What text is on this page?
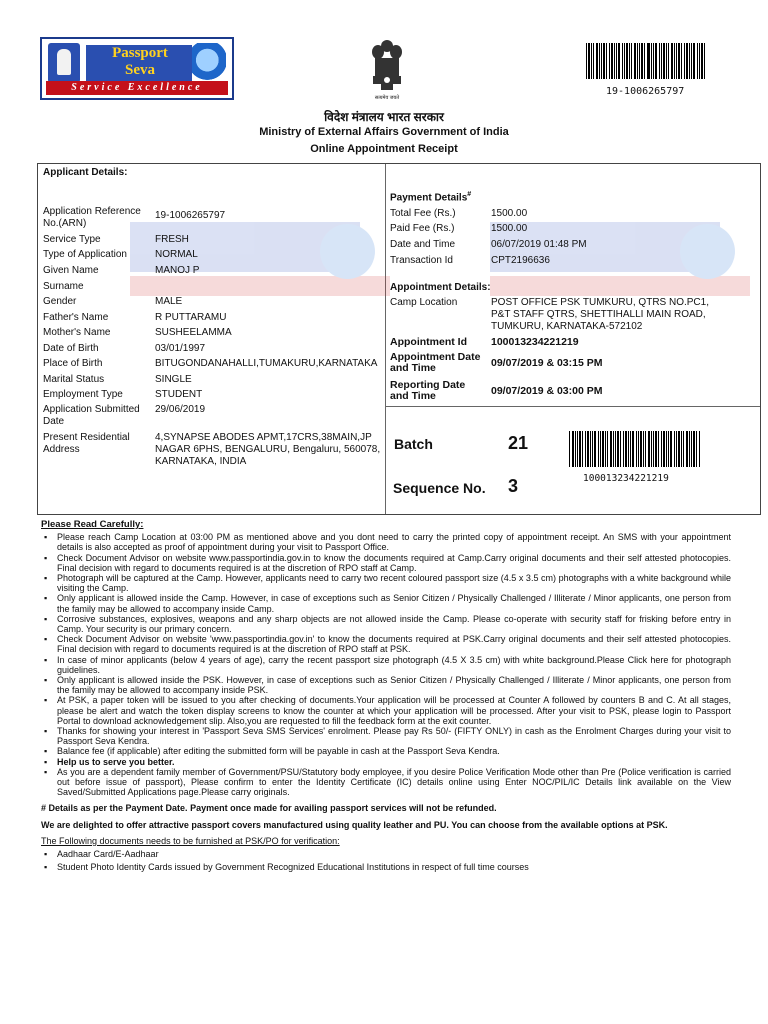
Passport
Seva
Service Excellence
सत्यमेव जयते
19-1006265797
विदेश मंत्रालय भारत सरकार
Ministry of External Affairs Government of India
Online Appointment Receipt
Applicant Details:
Application Reference No.(ARN)
19-1006265797
Service Type	FRESH
Type of Application	NORMAL
Given Name	MANOJ P
Surname
Gender	MALE
Father's Name	R PUTTARAMU
Mother's Name	SUSHEELAMMA
Date of Birth	03/01/1997
Place of Birth	BITUGONDANAHALLI,TUMAKURU,KARNATAKA
Marital Status	SINGLE
Employment Type	STUDENT
Application Submitted Date
29/06/2019
Present Residential Address
4,SYNAPSE ABODES APMT,17CRS,38MAIN,JP NAGAR 6PHS, BENGALURU, Bengaluru, 560078, KARNATAKA, INDIA
Payment Details#
Total Fee (Rs.)	1500.00
Paid Fee (Rs.)	1500.00
Date and Time	06/07/2019 01:48 PM
Transaction Id	CPT2196636
Appointment Details:
Camp Location	POST OFFICE PSK TUMKURU, QTRS NO.PC1, P&T STAFF QTRS, SHETTIHALLI MAIN ROAD, TUMKURU, KARNATAKA-572102
Appointment Id 100013234221219
Appointment Date and Time	09/07/2019 & 03:15 PM
Reporting Date and Time	09/07/2019 & 03:00 PM
Batch	21
Sequence No. 3	100013234221219
Please Read Carefully:
▪ Please reach Camp Location at 03:00 PM as mentioned above and you dont need to carry the printed copy of appointment receipt. An SMS with your appointment details is also accepted as proof of appointment during your visit to Passport Office.
▪ Check Document Advisor on website www.passportindia.gov.in to know the documents required at Camp.Carry original documents and their self attested photocopies. Final decision with regard to documents required is at the discretion of RPO staff at Camp.
▪ Photograph will be captured at the Camp. However, applicants need to carry two recent coloured passport size (4.5 x 3.5 cm) photographs with a white background while visiting the Camp.
▪ Only applicant is allowed inside the Camp. However, in case of exceptions such as Senior Citizen / Physically Challenged / Illiterate / Minor applicants, one person from the family may be allowed to accompany inside Camp.
▪ Corrosive substances, explosives, weapons and any sharp objects are not allowed inside the Camp. Please co-operate with security staff for frisking before entry in Camp. Your security is our primary concern.
▪ Check Document Advisor on website 'www.passportindia.gov.in' to know the documents required at PSK.Carry original documents and their self attested photocopies. Final decision with regard to documents required is at the discretion of RPO staff at PSK.
▪ In case of minor applicants (below 4 years of age), carry the recent passport size photograph (4.5 X 3.5 cm) with white background.Please Click here for photograph guidelines.
▪ Only applicant is allowed inside the PSK. However, in case of exceptions such as Senior Citizen / Physically Challenged / Illiterate / Minor applicants, one person from the family may be allowed to accompany inside PSK.
▪ At PSK, a paper token will be issued to you after checking of documents.Your application will be processed at Counter A followed by counters B and C. At all stages, please be alert and watch the token display screens to know the counter at which your application will be processed. After your visit to PSK, please login to Passport Portal to download acknowledgement slip. Also,you are requested to fill the feedback form at the exit counter.
▪ Thanks for showing your interest in 'Passport Seva SMS Services' enrolment. Please pay Rs 50/- (FIFTY ONLY) in cash as the Enrolment Charges during your visit to Passport Seva Kendra.
▪ Balance fee (if applicable) after editing the submitted form will be payable in cash at the Passport Seva Kendra.
▪ Help us to serve you better.
▪ As you are a dependent family member of Government/PSU/Statutory body employee, if you desire Police Verification Mode other than Pre (Police verification is carried out before issue of passport), Please confirm to enter the Identity Certificate (IC) details online using Enter NOC/PIL/IC Details link available on the View Saved/Submitted Applications page.Please carry originals.
# Details as per the Payment Date. Payment once made for availing passport services will not be refunded.
We are delighted to offer attractive passport covers manufactured using quality leather and PU. You can choose from the available options at PSK.
The Following documents needs to be furnished at PSK/PO for verification:
▪ Aadhaar Card/E-Aadhaar
▪ Student Photo Identity Cards issued by Government Recognized Educational Institutions in respect of full time courses
